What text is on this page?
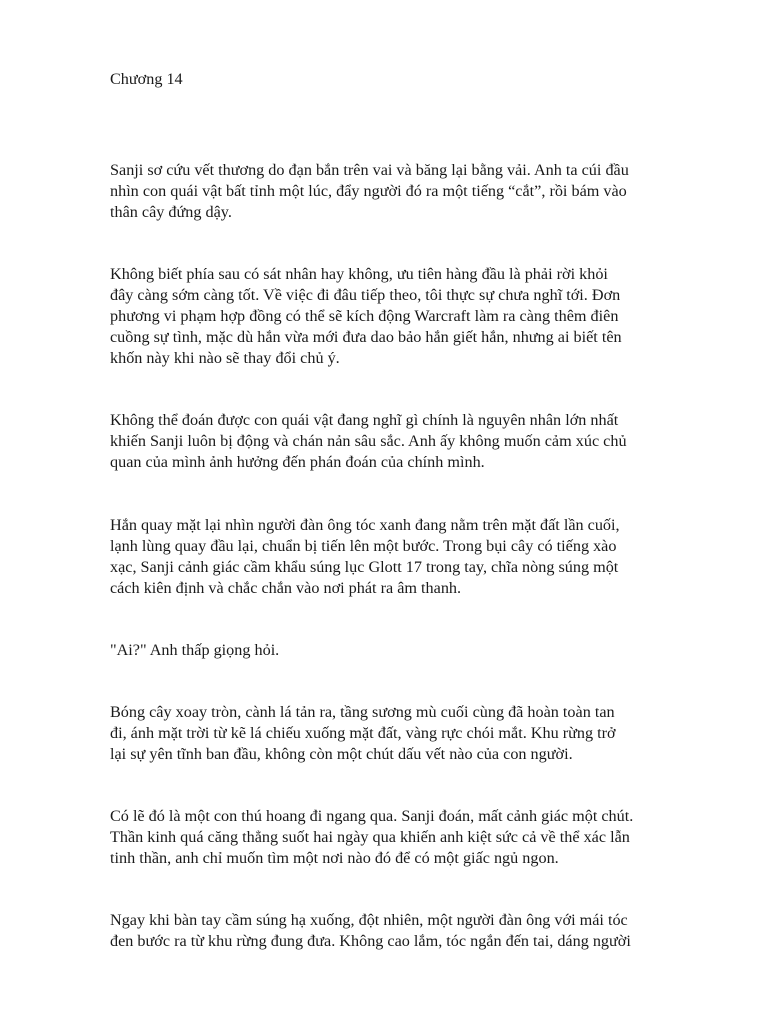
Chương 14

Sanji sơ cứu vết thương do đạn bắn trên vai và băng lại bằng vải. Anh ta cúi đầu
nhìn con quái vật bất tỉnh một lúc, đẩy người đó ra một tiếng “cắt”, rồi bám vào
thân cây đứng dậy.

Không biết phía sau có sát nhân hay không, ưu tiên hàng đầu là phải rời khỏi
đây càng sớm càng tốt. Về việc đi đâu tiếp theo, tôi thực sự chưa nghĩ tới. Đơn
phương vi phạm hợp đồng có thể sẽ kích động Warcraft làm ra càng thêm điên
cuồng sự tình, mặc dù hắn vừa mới đưa dao bảo hắn giết hắn, nhưng ai biết tên
khốn này khi nào sẽ thay đổi chủ ý.

Không thể đoán được con quái vật đang nghĩ gì chính là nguyên nhân lớn nhất
khiến Sanji luôn bị động và chán nản sâu sắc. Anh ấy không muốn cảm xúc chủ
quan của mình ảnh hưởng đến phán đoán của chính mình.

Hắn quay mặt lại nhìn người đàn ông tóc xanh đang nằm trên mặt đất lần cuối,
lạnh lùng quay đầu lại, chuẩn bị tiến lên một bước. Trong bụi cây có tiếng xào
xạc, Sanji cảnh giác cầm khẩu súng lục Glott 17 trong tay, chĩa nòng súng một
cách kiên định và chắc chắn vào nơi phát ra âm thanh.

"Ai?" Anh thấp giọng hỏi.

Bóng cây xoay tròn, cành lá tản ra, tầng sương mù cuối cùng đã hoàn toàn tan
đi, ánh mặt trời từ kẽ lá chiếu xuống mặt đất, vàng rực chói mắt. Khu rừng trở
lại sự yên tĩnh ban đầu, không còn một chút dấu vết nào của con người.

Có lẽ đó là một con thú hoang đi ngang qua. Sanji đoán, mất cảnh giác một chút.
Thần kinh quá căng thẳng suốt hai ngày qua khiến anh kiệt sức cả về thể xác lẫn
tinh thần, anh chỉ muốn tìm một nơi nào đó để có một giấc ngủ ngon.

Ngay khi bàn tay cầm súng hạ xuống, đột nhiên, một người đàn ông với mái tóc
đen bước ra từ khu rừng đung đưa. Không cao lắm, tóc ngắn đến tai, dáng người
